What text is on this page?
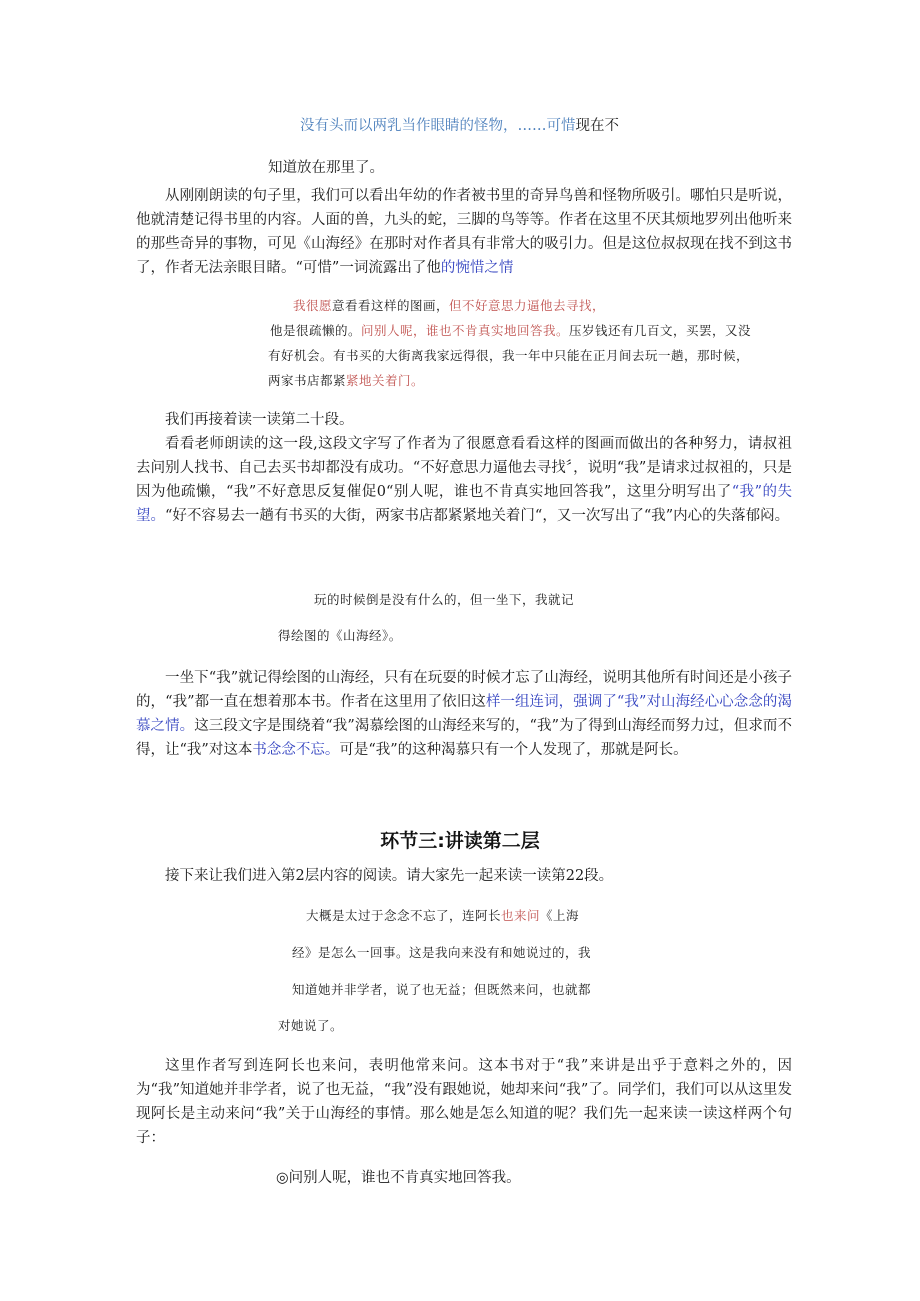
没有头而以两乳当作眼睛的怪物，……可惜现在不
知道放在那里了。

从刚刚朗读的句子里，我们可以看出年幼的作者被书里的奇异鸟兽和怪物所吸引。哪怕只是听说，他就清楚记得书里的内容。人面的兽，九头的蛇，三脚的鸟等等。作者在这里不厌其烦地罗列出他听来的那些奇异的事物，可见《山海经》在那时对作者具有非常大的吸引力。但是这位叔叔现在找不到这书了，作者无法亲眼目睹。“可惜”一词流露出了他的惋惜之情

我很愿意看看这样的图画，但不好意思力逼他去寻找，
他是很疏懒的。问别人呢，谁也不肯真实地回答我。压岁钱还有几百文，买罢，又没
有好机会。有书买的大街离我家远得很，我一年中只能在正月间去玩一趟，那时候，
两家书店都紧紧地关着门。
我们再接着读一读第二十段。

看看老师朗读的这一段,这段文字写了作者为了很愿意看看这样的图画而做出的各种努力，请叔祖去问别人找书、自己去买书却都没有成功。“不好意思力逼他去寻找〞，说明“我”是请求过叔祖的，只是因为他疏懒，“我”不好意思反复催促0“别人呢，谁也不肯真实地回答我”，这里分明写出了“我”的失望。“好不容易去一趟有书买的大街，两家书店都紧紧地关着门“，又一次写出了“我”内心的失落郁闷。

玩的时候倒是没有什么的，但一坐下，我就记
得绘图的《山海经》。

一坐下“我”就记得绘图的山海经，只有在玩耍的时候才忘了山海经，说明其他所有时间还是小孩子的，“我”都一直在想着那本书。作者在这里用了依旧这样一组连词，强调了“我”对山海经心心念念的渴慕之情。这三段文字是围绕着“我”渴慕绘图的山海经来写的，“我”为了得到山海经而努力过，但求而不得，让“我”对这本书念念不忘。可是“我”的这种渴慕只有一个人发现了，那就是阿长。

环节三:讲读第二层
接下来让我们进入第2层内容的阅读。请大家先一起来读一读第22段。
大概是太过于念念不忘了，连阿长也来问《上海
经》是怎么一回事。这是我向来没有和她说过的，我
知道她并非学者，说了也无益；但既然来问，也就都
对她说了。

这里作者写到连阿长也来问，表明他常来问。这本书对于“我”来讲是出乎于意料之外的，因为“我”知道她并非学者，说了也无益，“我”没有跟她说，她却来问“我”了。同学们，我们可以从这里发现阿长是主动来问“我”关于山海经的事情。那么她是怎么知道的呢？我们先一起来读一读这样两个句子：

◎问别人呢，谁也不肯真实地回答我。
